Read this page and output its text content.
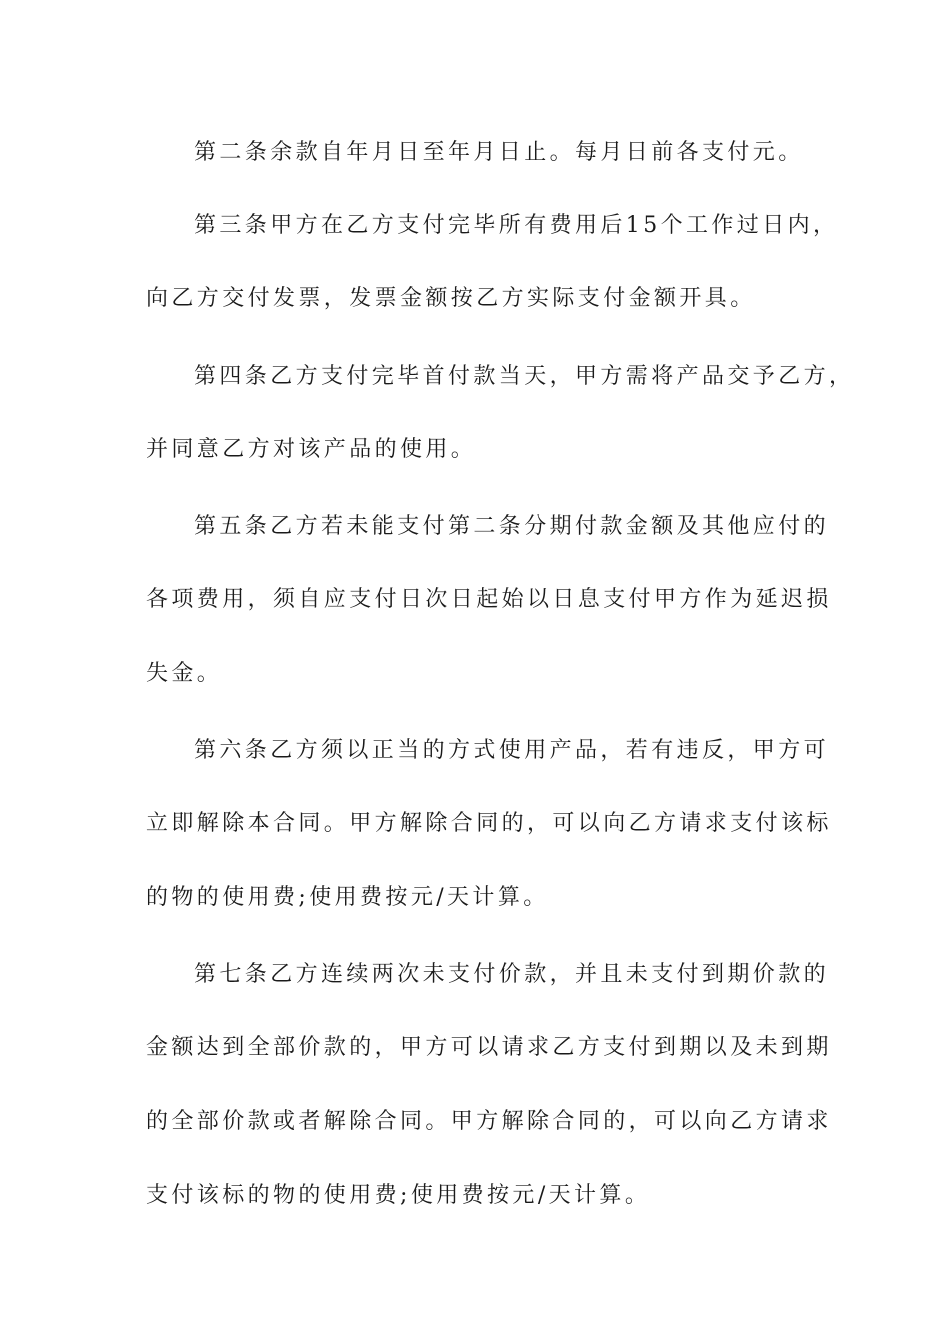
第二条余款自年月日至年月日止。每月日前各支付元。
第三条甲方在乙方支付完毕所有费用后15个工作过日内，
向乙方交付发票，发票金额按乙方实际支付金额开具。
第四条乙方支付完毕首付款当天，甲方需将产品交予乙方，
并同意乙方对该产品的使用。
第五条乙方若未能支付第二条分期付款金额及其他应付的
各项费用，须自应支付日次日起始以日息支付甲方作为延迟损
失金。
第六条乙方须以正当的方式使用产品，若有违反，甲方可
立即解除本合同。甲方解除合同的，可以向乙方请求支付该标
的物的使用费;使用费按元/天计算。
第七条乙方连续两次未支付价款，并且未支付到期价款的
金额达到全部价款的，甲方可以请求乙方支付到期以及未到期
的全部价款或者解除合同。甲方解除合同的，可以向乙方请求
支付该标的物的使用费;使用费按元/天计算。
